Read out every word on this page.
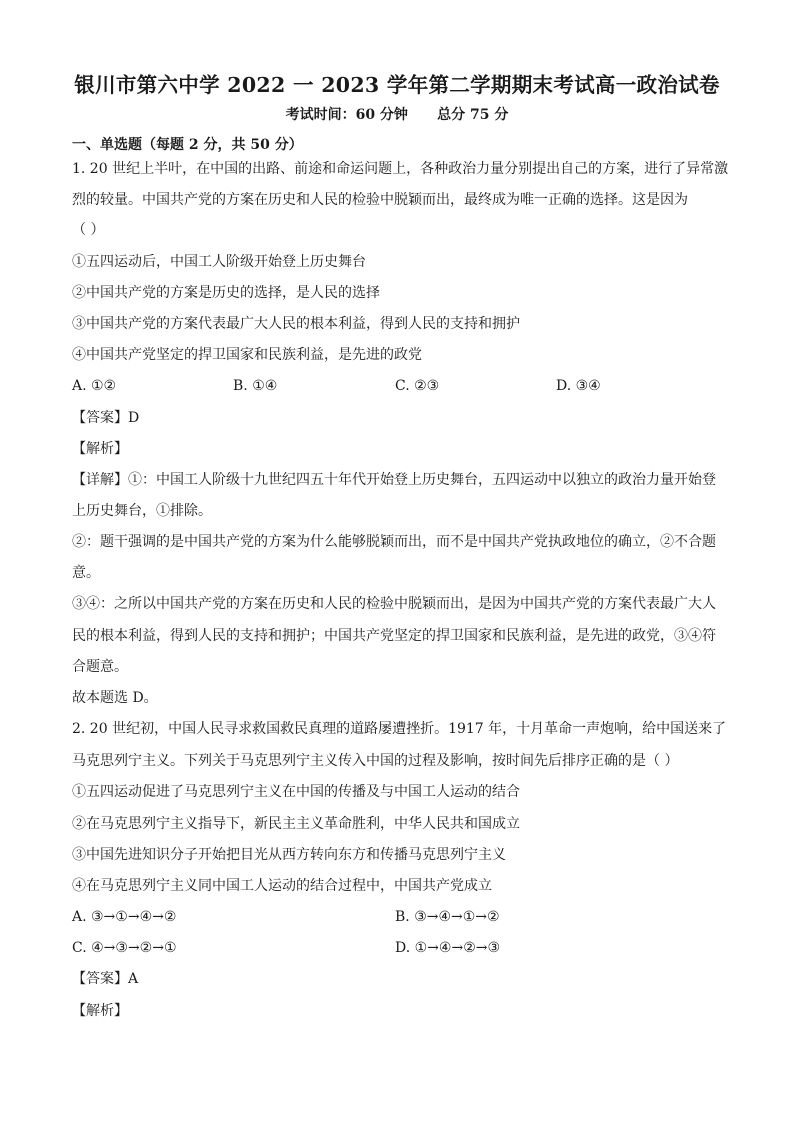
银川市第六中学 2022 一 2023 学年第二学期期末考试高一政治试卷
考试时间：60 分钟      总分 75 分
一、单选题（每题 2 分，共 50 分）
1. 20 世纪上半叶，在中国的出路、前途和命运问题上，各种政治力量分别提出自己的方案，进行了异常激
烈的较量。中国共产党的方案在历史和人民的检验中脱颖而出，最终成为唯一正确的选择。这是因为
（ ）
①五四运动后，中国工人阶级开始登上历史舞台
②中国共产党的方案是历史的选择，是人民的选择
③中国共产党的方案代表最广大人民的根本利益，得到人民的支持和拥护
④中国共产党坚定的捍卫国家和民族利益，是先进的政党
A. ①②	B. ①④	C. ②③	D. ③④
【答案】D
【解析】
【详解】①：中国工人阶级十九世纪四五十年代开始登上历史舞台，五四运动中以独立的政治力量开始登
上历史舞台，①排除。
②：题干强调的是中国共产党的方案为什么能够脱颖而出，而不是中国共产党执政地位的确立，②不合题
意。
③④：之所以中国共产党的方案在历史和人民的检验中脱颖而出，是因为中国共产党的方案代表最广大人
民的根本利益，得到人民的支持和拥护；中国共产党坚定的捍卫国家和民族利益，是先进的政党，③④符
合题意。
故本题选 D。
2. 20 世纪初，中国人民寻求救国救民真理的道路屡遭挫折。1917 年，十月革命一声炮响，给中国送来了
马克思列宁主义。下列关于马克思列宁主义传入中国的过程及影响，按时间先后排序正确的是（ ）
①五四运动促进了马克思列宁主义在中国的传播及与中国工人运动的结合
②在马克思列宁主义指导下，新民主主义革命胜利，中华人民共和国成立
③中国先进知识分子开始把目光从西方转向东方和传播马克思列宁主义
④在马克思列宁主义同中国工人运动的结合过程中，中国共产党成立
A. ③→①→④→②	B. ③→④→①→②
C. ④→③→②→①	D. ①→④→②→③
【答案】A
【解析】
